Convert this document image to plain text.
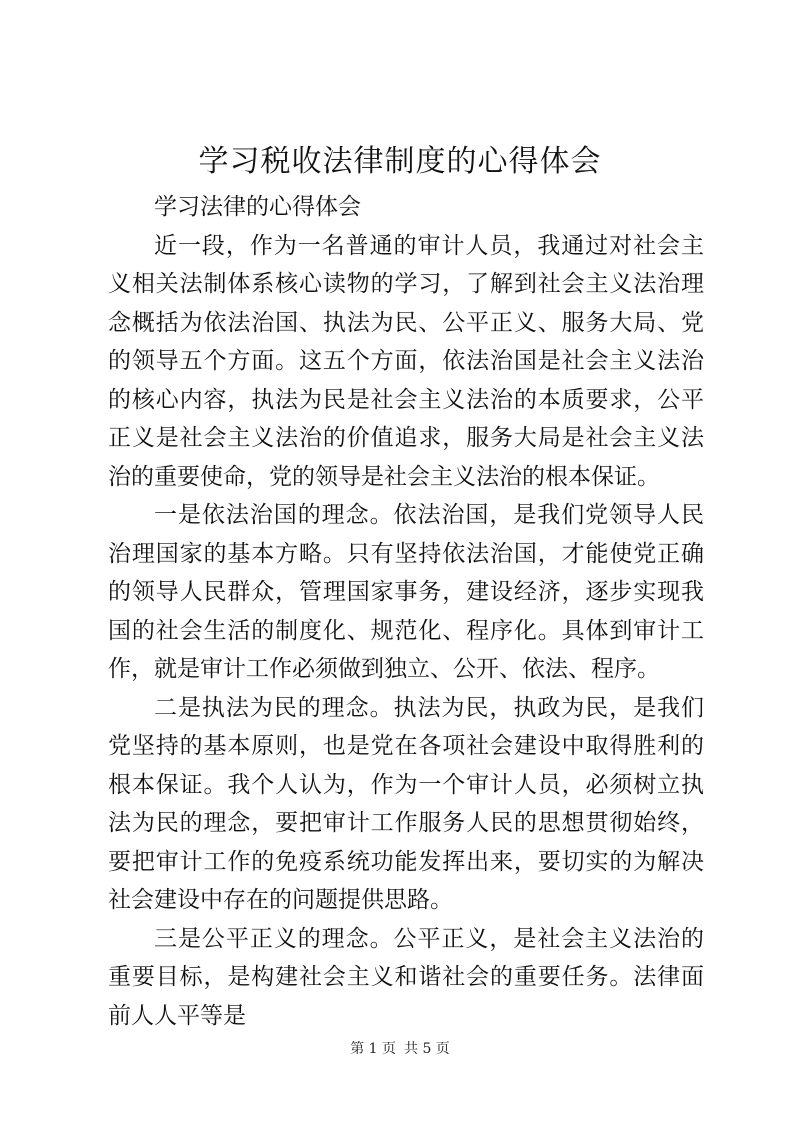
学习税收法律制度的心得体会

学习法律的心得体会

近一段，作为一名普通的审计人员，我通过对社会主义相关法制体系核心读物的学习，了解到社会主义法治理念概括为依法治国、执法为民、公平正义、服务大局、党的领导五个方面。这五个方面，依法治国是社会主义法治的核心内容，执法为民是社会主义法治的本质要求，公平正义是社会主义法治的价值追求，服务大局是社会主义法治的重要使命，党的领导是社会主义法治的根本保证。

一是依法治国的理念。依法治国，是我们党领导人民治理国家的基本方略。只有坚持依法治国，才能使党正确的领导人民群众，管理国家事务，建设经济，逐步实现我国的社会生活的制度化、规范化、程序化。具体到审计工作，就是审计工作必须做到独立、公开、依法、程序。

二是执法为民的理念。执法为民，执政为民，是我们党坚持的基本原则，也是党在各项社会建设中取得胜利的根本保证。我个人认为，作为一个审计人员，必须树立执法为民的理念，要把审计工作服务人民的思想贯彻始终，要把审计工作的免疫系统功能发挥出来，要切实的为解决社会建设中存在的问题提供思路。

三是公平正义的理念。公平正义，是社会主义法治的重要目标，是构建社会主义和谐社会的重要任务。法律面前人人平等是

第 1 页 共 5 页
